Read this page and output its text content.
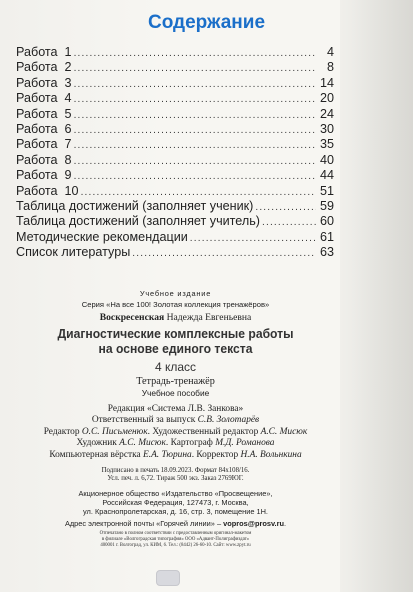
Содержание
Работа  1 .....	4
Работа  2 .....	8
Работа  3 .....	14
Работа  4 .....	20
Работа  5 .....	24
Работа  6 .....	30
Работа  7 .....	35
Работа  8 .....	40
Работа  9 .....	44
Работа  10 .....	51
Таблица достижений (заполняет ученик) .....	59
Таблица достижений (заполняет учитель) .....	60
Методические рекомендации .....	61
Список литературы .....	63
Учебное издание
Серия «На все 100! Золотая коллекция тренажёров»
Воскресенская Надежда Евгеньевна
Диагностические комплексные работы
на основе единого текста
4 класс
Тетрадь-тренажёр
Учебное пособие
Редакция «Система Л.В. Занкова»
Ответственный за выпуск С.В. Золотарёв
Редактор О.С. Письменюк. Художественный редактор А.С. Мисюк
Художник А.С. Мисюк. Картограф М.Д. Романова
Компьютерная вёрстка Е.А. Тюрина. Корректор Н.А. Вольнкина
Подписано в печать 18.09.2023. Формат 84х108/16.
Усл. печ. л. 6,72. Тираж 500 экз. Заказ 2769ЮГ.
Акционерное общество «Издательство «Просвещение»,
Российская Федерация, 127473, г. Москва,
ул. Краснопролетарская, д. 16, стр. 3, помещение 1Н.
Адрес электронной почты «Горячей линии» – vopros@prosv.ru.
Отпечатано в полном соответствии с предоставленным оригинал-макетом
в филиале «Волгоградская типография» ООО «Адвант-Полиграфиздат»
400001 г. Волгоград, ул. КИМ, 6. Тел.: (8442) 26-60-10. Сайт: www.zpyt.ru
